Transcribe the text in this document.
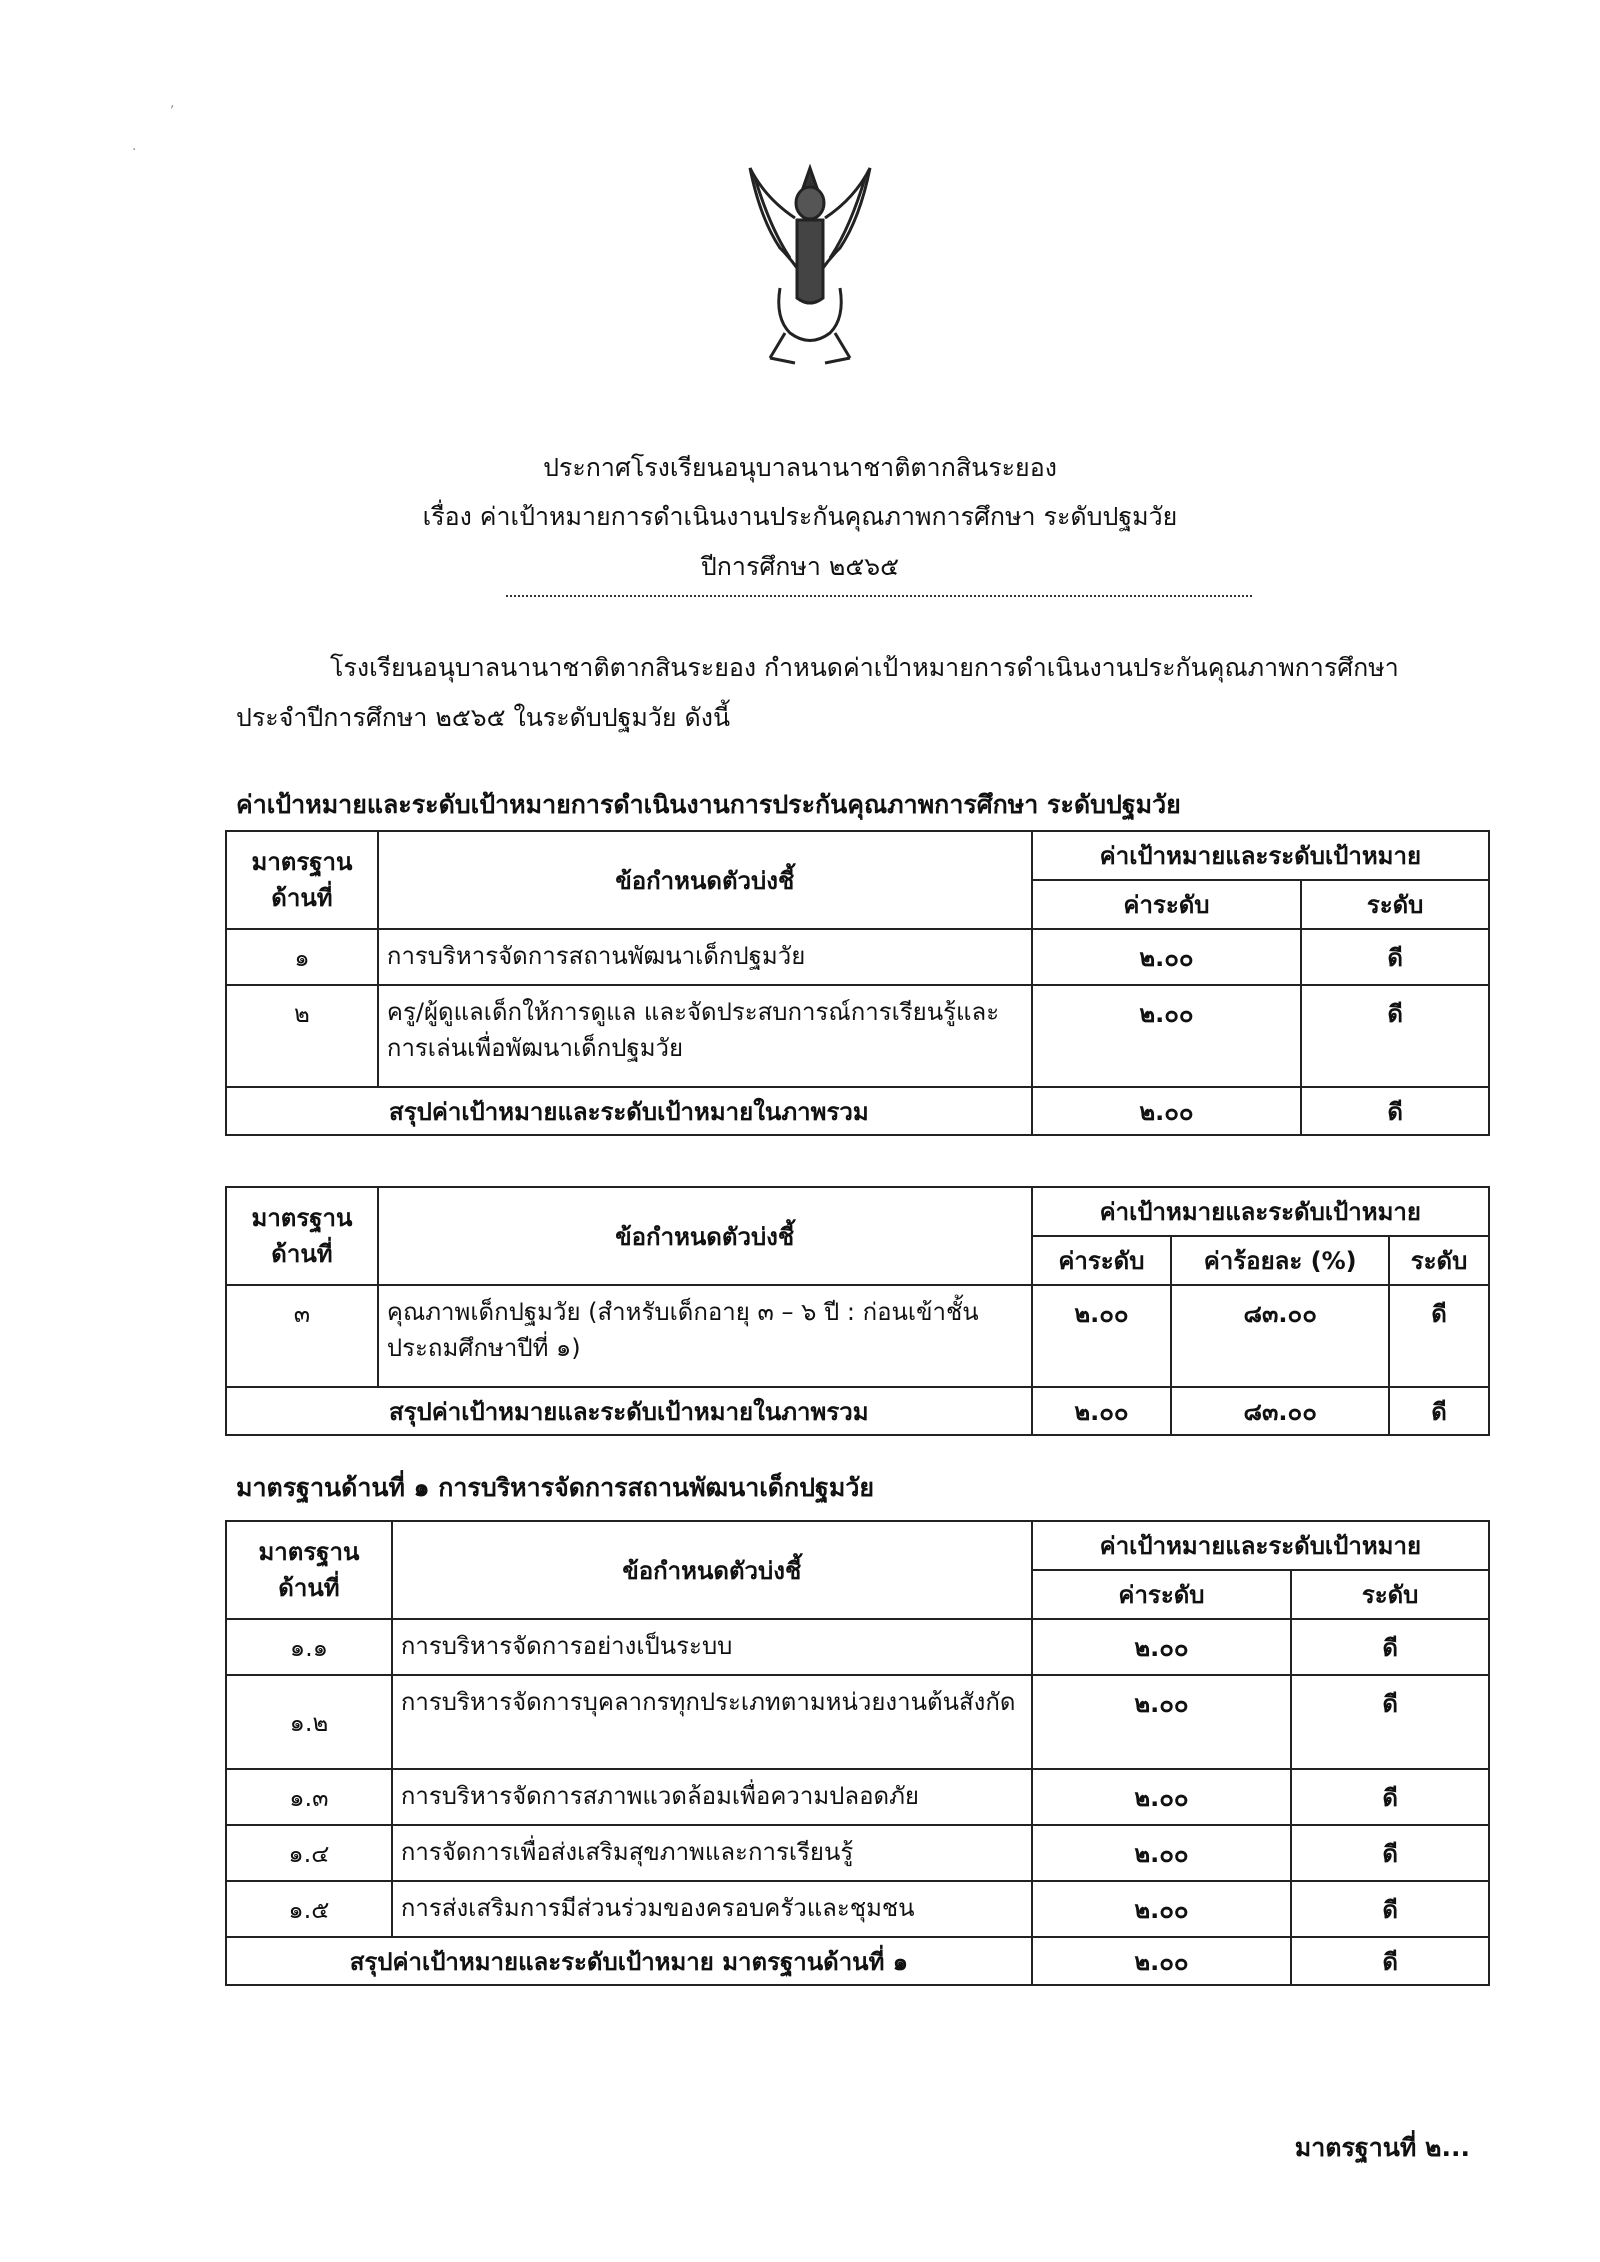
,
.
ประกาศโรงเรียนอนุบาลนานาชาติตากสินระยอง
เรื่อง ค่าเป้าหมายการดำเนินงานประกันคุณภาพการศึกษา ระดับปฐมวัย
ปีการศึกษา ๒๕๖๕
โรงเรียนอนุบาลนานาชาติตากสินระยอง กำหนดค่าเป้าหมายการดำเนินงานประกันคุณภาพการศึกษา
ประจำปีการศึกษา ๒๕๖๕ ในระดับปฐมวัย ดังนี้
ค่าเป้าหมายและระดับเป้าหมายการดำเนินงานการประกันคุณภาพการศึกษา ระดับปฐมวัย
มาตรฐาน ด้านที่	ข้อกำหนดตัวบ่งชี้	ค่าเป้าหมายและระดับเป้าหมาย	
		ค่าระดับ	ระดับ
๑	การบริหารจัดการสถานพัฒนาเด็กปฐมวัย	๒.๐๐	ดี
๒	ครู/ผู้ดูแลเด็กให้การดูแล และจัดประสบการณ์การเรียนรู้และการเล่นเพื่อพัฒนาเด็กปฐมวัย	๒.๐๐	ดี
สรุปค่าเป้าหมายและระดับเป้าหมายในภาพรวม		๒.๐๐	ดี
มาตรฐาน ด้านที่	ข้อกำหนดตัวบ่งชี้	ค่าเป้าหมายและระดับเป้าหมาย		
		ค่าระดับ	ค่าร้อยละ (%)	ระดับ
๓	คุณภาพเด็กปฐมวัย (สำหรับเด็กอายุ ๓ – ๖ ปี : ก่อนเข้าชั้นประถมศึกษาปีที่ ๑)	๒.๐๐	๘๓.๐๐	ดี
สรุปค่าเป้าหมายและระดับเป้าหมายในภาพรวม		๒.๐๐	๘๓.๐๐	ดี
มาตรฐานด้านที่ ๑ การบริหารจัดการสถานพัฒนาเด็กปฐมวัย
มาตรฐาน ด้านที่	ข้อกำหนดตัวบ่งชี้	ค่าเป้าหมายและระดับเป้าหมาย	
		ค่าระดับ	ระดับ
๑.๑	การบริหารจัดการอย่างเป็นระบบ	๒.๐๐	ดี
๑.๒	การบริหารจัดการบุคลากรทุกประเภทตามหน่วยงานต้นสังกัด	๒.๐๐	ดี
๑.๓	การบริหารจัดการสภาพแวดล้อมเพื่อความปลอดภัย	๒.๐๐	ดี
๑.๔	การจัดการเพื่อส่งเสริมสุขภาพและการเรียนรู้	๒.๐๐	ดี
๑.๕	การส่งเสริมการมีส่วนร่วมของครอบครัวและชุมชน	๒.๐๐	ดี
สรุปค่าเป้าหมายและระดับเป้าหมาย มาตรฐานด้านที่ ๑		๒.๐๐	ดี
มาตรฐานที่ ๒...
